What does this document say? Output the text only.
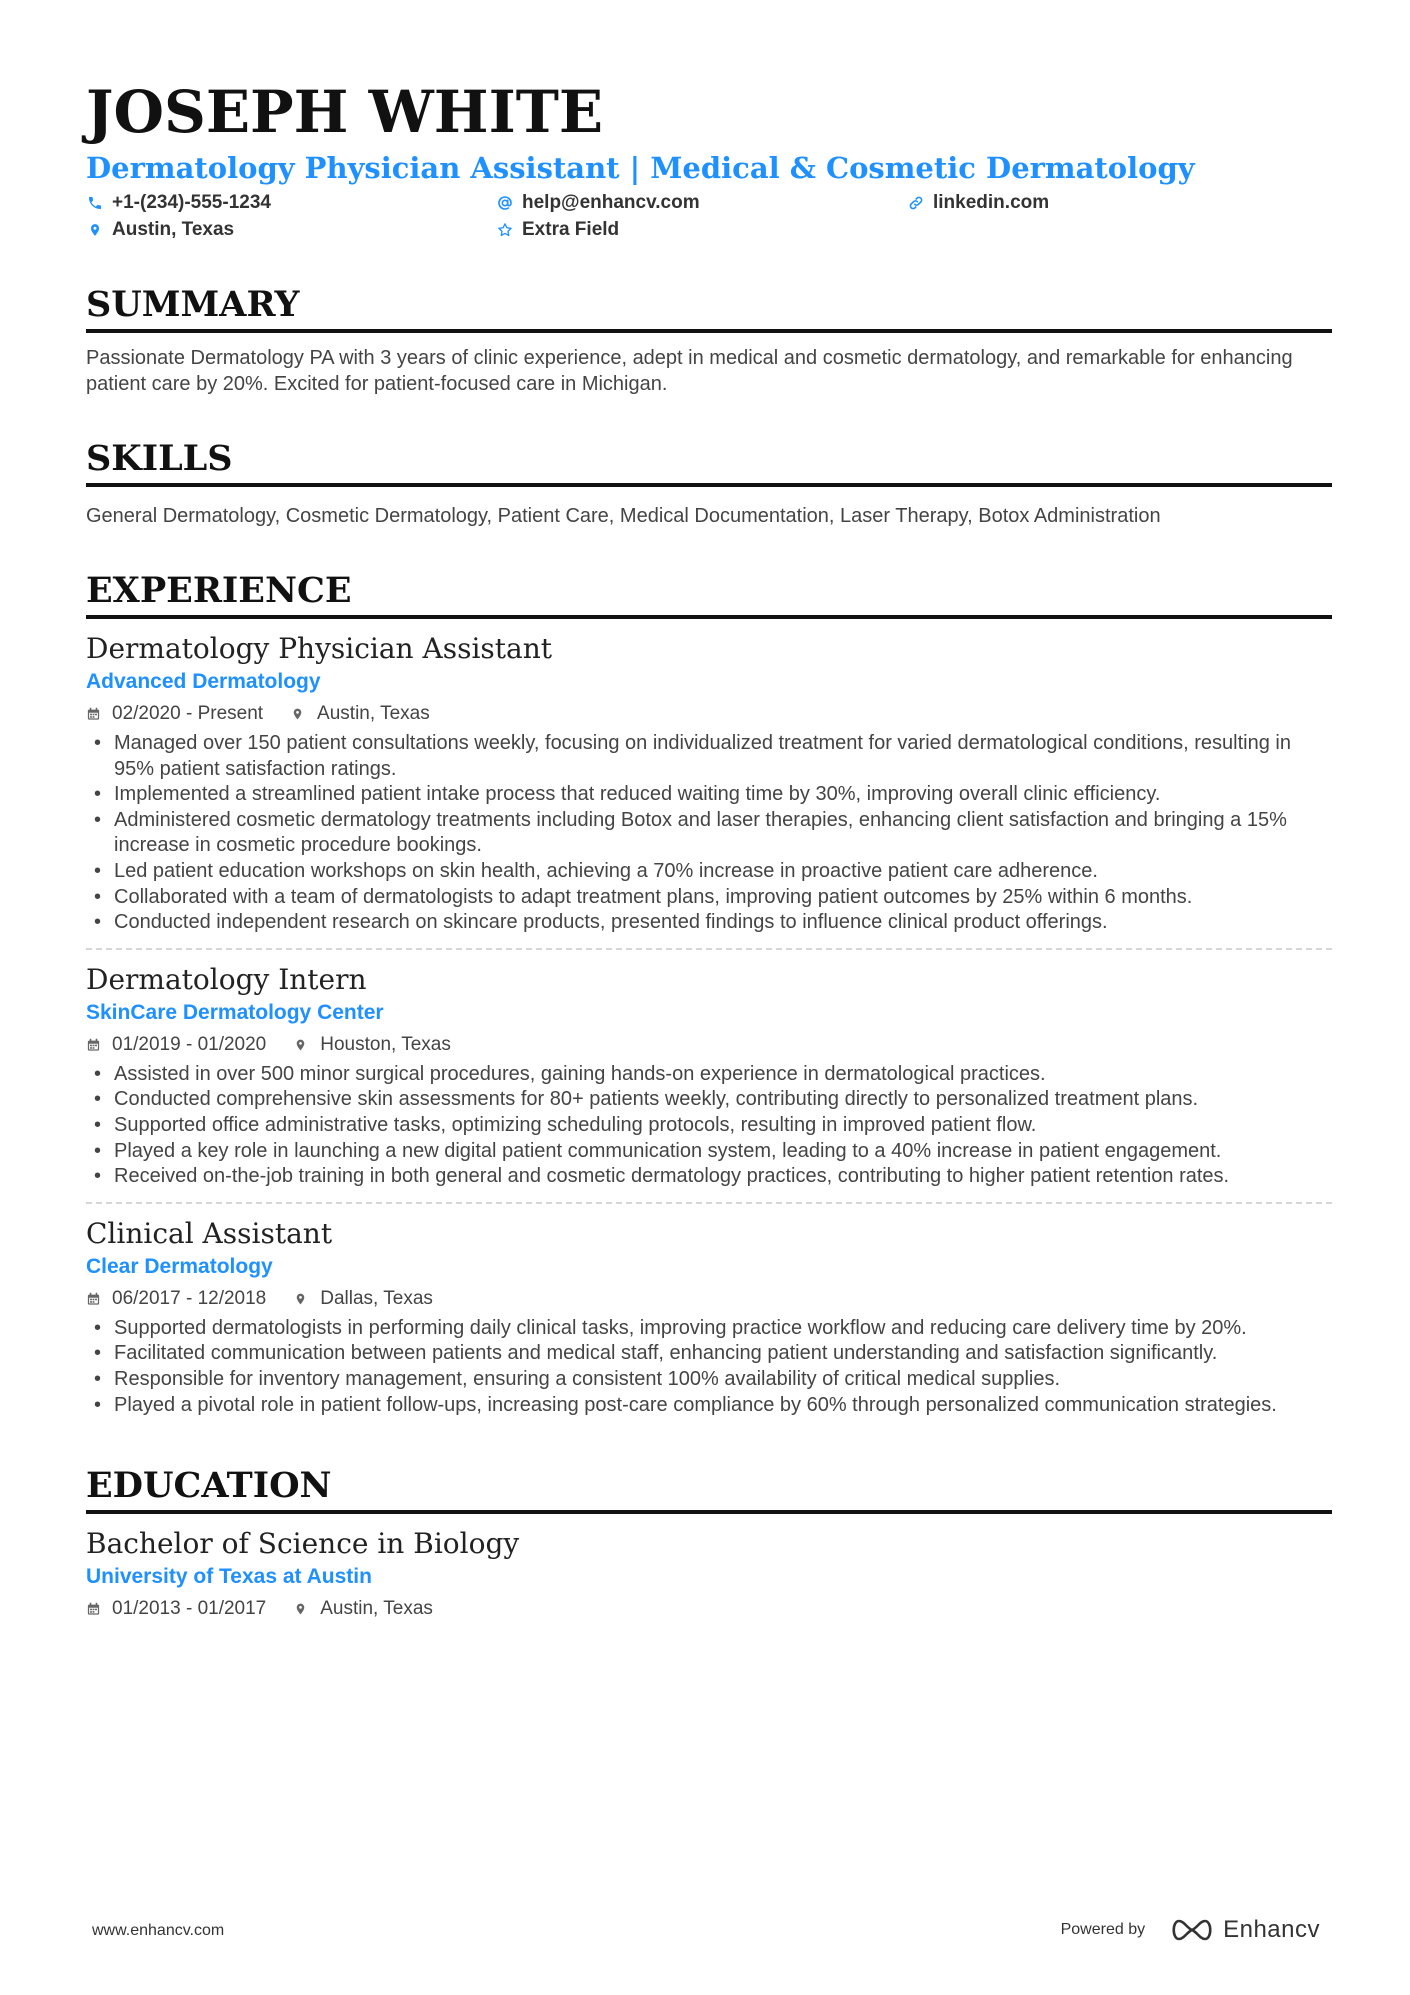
JOSEPH WHITE

Dermatology Physician Assistant | Medical & Cosmetic Dermatology

+1-(234)-555-1234	help@enhancv.com	linkedin.com
Austin, Texas	Extra Field
SUMMARY

Passionate Dermatology PA with 3 years of clinic experience, adept in medical and cosmetic dermatology, and remarkable for enhancing patient care by 20%. Excited for patient-focused care in Michigan.

SKILLS

General Dermatology, Cosmetic Dermatology, Patient Care, Medical Documentation, Laser Therapy, Botox Administration

EXPERIENCE

Dermatology Physician Assistant

Advanced Dermatology

02/2020 - Present	Austin, Texas
• Managed over 150 patient consultations weekly, focusing on individualized treatment for varied dermatological conditions, resulting in 95% patient satisfaction ratings.
• Implemented a streamlined patient intake process that reduced waiting time by 30%, improving overall clinic efficiency.
• Administered cosmetic dermatology treatments including Botox and laser therapies, enhancing client satisfaction and bringing a 15% increase in cosmetic procedure bookings.
• Led patient education workshops on skin health, achieving a 70% increase in proactive patient care adherence.
• Collaborated with a team of dermatologists to adapt treatment plans, improving patient outcomes by 25% within 6 months.
• Conducted independent research on skincare products, presented findings to influence clinical product offerings.

Dermatology Intern

SkinCare Dermatology Center

01/2019 - 01/2020	Houston, Texas
• Assisted in over 500 minor surgical procedures, gaining hands-on experience in dermatological practices.
• Conducted comprehensive skin assessments for 80+ patients weekly, contributing directly to personalized treatment plans.
• Supported office administrative tasks, optimizing scheduling protocols, resulting in improved patient flow.
• Played a key role in launching a new digital patient communication system, leading to a 40% increase in patient engagement.
• Received on-the-job training in both general and cosmetic dermatology practices, contributing to higher patient retention rates.

Clinical Assistant

Clear Dermatology

06/2017 - 12/2018	Dallas, Texas
• Supported dermatologists in performing daily clinical tasks, improving practice workflow and reducing care delivery time by 20%.
• Facilitated communication between patients and medical staff, enhancing patient understanding and satisfaction significantly.
• Responsible for inventory management, ensuring a consistent 100% availability of critical medical supplies.
• Played a pivotal role in patient follow-ups, increasing post-care compliance by 60% through personalized communication strategies.
EDUCATION

Bachelor of Science in Biology

University of Texas at Austin

01/2013 - 01/2017	Austin, Texas
www.enhancv.com	Powered by	Enhancv
